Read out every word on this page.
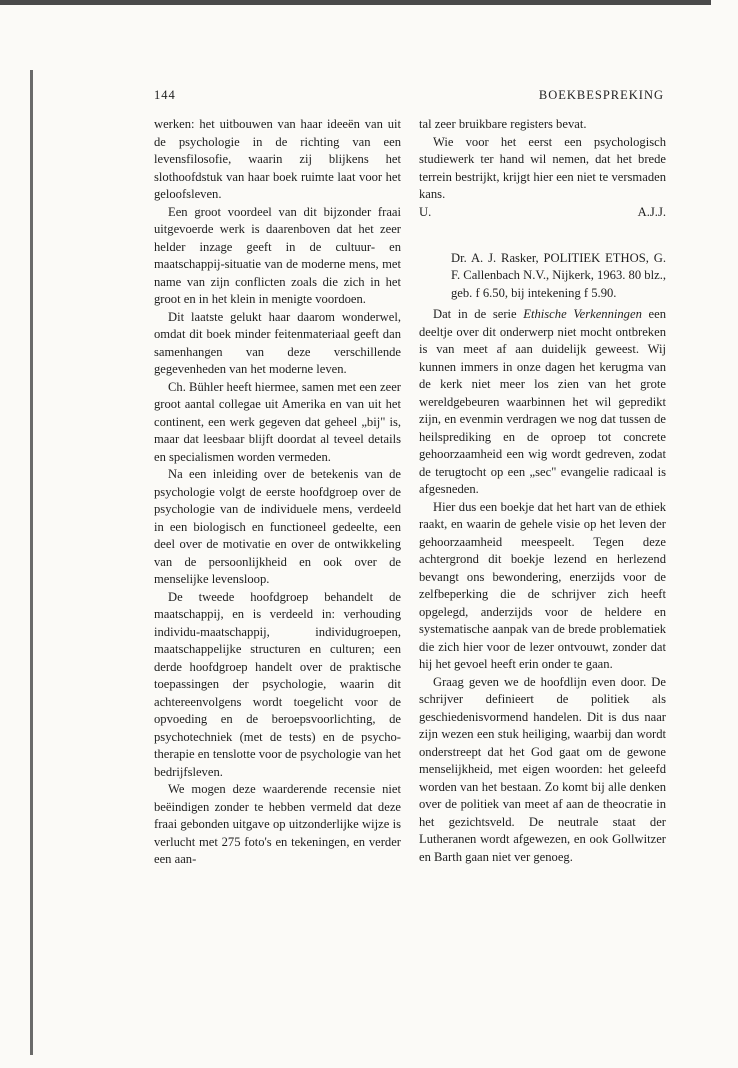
144	BOEKBESPREKING

werken: het uitbouwen van haar ideeën van uit de psychologie in de richting van een levensfilosofie, waarin zij blijkens het slothoofdstuk van haar boek ruimte laat voor het geloofsleven.

Een groot voordeel van dit bijzonder fraai uitgevoerde werk is daarenboven dat het zeer helder inzage geeft in de cultuur- en maatschappij-situatie van de moderne mens, met name van zijn conflicten zoals die zich in het groot en in het klein in menigte voordoen.

Dit laatste gelukt haar daarom wonderwel, omdat dit boek minder feitenmateriaal geeft dan samenhangen van deze verschillende gegevenheden van het moderne leven.

Ch. Bühler heeft hiermee, samen met een zeer groot aantal collegae uit Amerika en van uit het continent, een werk gegeven dat geheel „bij" is, maar dat leesbaar blijft doordat al teveel details en specialismen worden vermeden.

Na een inleiding over de betekenis van de psychologie volgt de eerste hoofdgroep over de psychologie van de individuele mens, verdeeld in een biologisch en functioneel gedeelte, een deel over de motivatie en over de ontwikkeling van de persoonlijkheid en ook over de menselijke levensloop.

De tweede hoofdgroep behandelt de maatschappij, en is verdeeld in: verhouding individu-maatschappij, individugroepen, maatschappelijke structuren en culturen; een derde hoofdgroep handelt over de praktische toepassingen der psychologie, waarin dit achtereenvolgens wordt toegelicht voor de opvoeding en de beroepsvoorlichting, de psychotechniek (met de tests) en de psycho-therapie en tenslotte voor de psychologie van het bedrijfsleven.

We mogen deze waarderende recensie niet beëindigen zonder te hebben vermeld dat deze fraai gebonden uitgave op uitzonderlijke wijze is verlucht met 275 foto's en tekeningen, en verder een aan-

tal zeer bruikbare registers bevat.

Wie voor het eerst een psychologisch studiewerk ter hand wil nemen, dat het brede terrein bestrijkt, krijgt hier een niet te versmaden kans.

U.	A.J.J.

Dr. A. J. Rasker, POLITIEK ETHOS, G. F. Callenbach N.V., Nijkerk, 1963. 80 blz., geb. f 6.50, bij intekening f 5.90.

Dat in de serie Ethische Verkenningen een deeltje over dit onderwerp niet mocht ontbreken is van meet af aan duidelijk geweest. Wij kunnen immers in onze dagen het kerugma van de kerk niet meer los zien van het grote wereldgebeuren waarbinnen het wil gepredikt zijn, en evenmin verdragen we nog dat tussen de heilsprediking en de oproep tot concrete gehoorzaamheid een wig wordt gedreven, zodat de terugtocht op een „sec" evangelie radicaal is afgesneden.

Hier dus een boekje dat het hart van de ethiek raakt, en waarin de gehele visie op het leven der gehoorzaamheid meespeelt. Tegen deze achtergrond dit boekje lezend en herlezend bevangt ons bewondering, enerzijds voor de zelfbeperking die de schrijver zich heeft opgelegd, anderzijds voor de heldere en systematische aanpak van de brede problematiek die zich hier voor de lezer ontvouwt, zonder dat hij het gevoel heeft erin onder te gaan.

Graag geven we de hoofdlijn even door. De schrijver definieert de politiek als geschiedenisvormend handelen. Dit is dus naar zijn wezen een stuk heiliging, waarbij dan wordt onderstreept dat het God gaat om de gewone menselijkheid, met eigen woorden: het geleefd worden van het bestaan. Zo komt bij alle denken over de politiek van meet af aan de theocratie in het gezichtsveld. De neutrale staat der Lutheranen wordt afgewezen, en ook Gollwitzer en Barth gaan niet ver genoeg.
